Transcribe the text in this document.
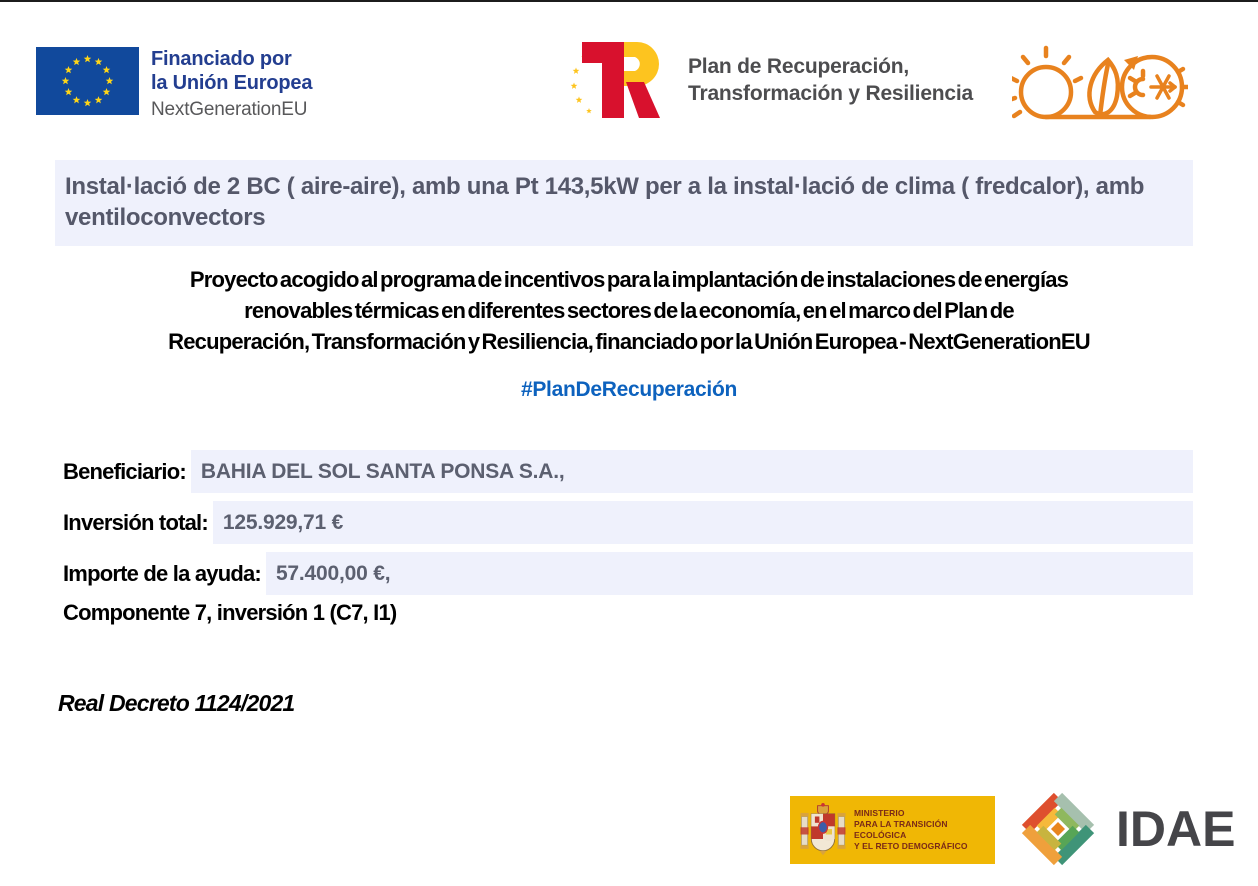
Financiado por
la Unión Europea
NextGenerationEU
Plan de Recuperación,
Transformación y Resiliencia
Instal·lació de 2 BC ( aire-aire), amb una Pt 143,5kW per a la instal·lació de clima ( fredcalor), amb ventiloconvectors
Proyecto acogido al programa de incentivos para la implantación de instalaciones de energías
renovables térmicas en diferentes sectores de la economía, en el marco del Plan de
Recuperación, Transformación y Resiliencia, financiado por la Unión Europea - NextGenerationEU
#PlanDeRecuperación
Beneficiario: BAHIA DEL SOL SANTA PONSA S.A.,
Inversión total: 125.929,71 €
Importe de la ayuda: 57.400,00 €,
Componente 7, inversión 1 (C7, I1)
Real Decreto 1124/2021
MINISTERIO
PARA LA TRANSICIÓN ECOLÓGICA
Y EL RETO DEMOGRÁFICO	IDAE
